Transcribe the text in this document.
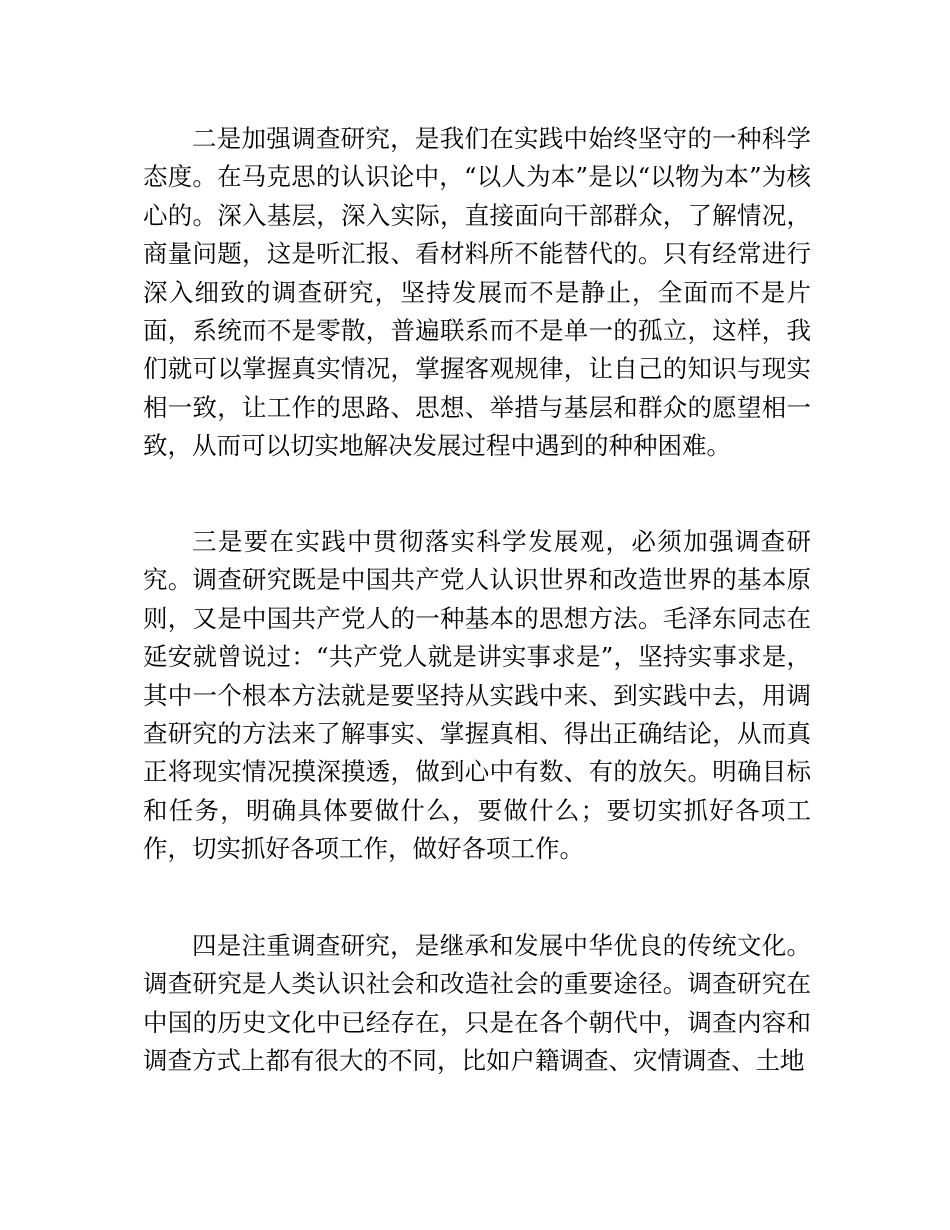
二是加强调查研究，是我们在实践中始终坚守的一种科学态度。在马克思的认识论中，“以人为本”是以“以物为本”为核心的。深入基层，深入实际，直接面向干部群众，了解情况，商量问题，这是听汇报、看材料所不能替代的。只有经常进行深入细致的调查研究，坚持发展而不是静止，全面而不是片面，系统而不是零散，普遍联系而不是单一的孤立，这样，我们就可以掌握真实情况，掌握客观规律，让自己的知识与现实相一致，让工作的思路、思想、举措与基层和群众的愿望相一致，从而可以切实地解决发展过程中遇到的种种困难。

三是要在实践中贯彻落实科学发展观，必须加强调查研究。调查研究既是中国共产党人认识世界和改造世界的基本原则，又是中国共产党人的一种基本的思想方法。毛泽东同志在延安就曾说过：“共产党人就是讲实事求是”，坚持实事求是，其中一个根本方法就是要坚持从实践中来、到实践中去，用调查研究的方法来了解事实、掌握真相、得出正确结论，从而真正将现实情况摸深摸透，做到心中有数、有的放矢。明确目标和任务，明确具体要做什么，要做什么；要切实抓好各项工作，切实抓好各项工作，做好各项工作。

四是注重调查研究，是继承和发展中华优良的传统文化。调查研究是人类认识社会和改造社会的重要途径。调查研究在中国的历史文化中已经存在，只是在各个朝代中，调查内容和调查方式上都有很大的不同，比如户籍调查、灾情调查、土地
